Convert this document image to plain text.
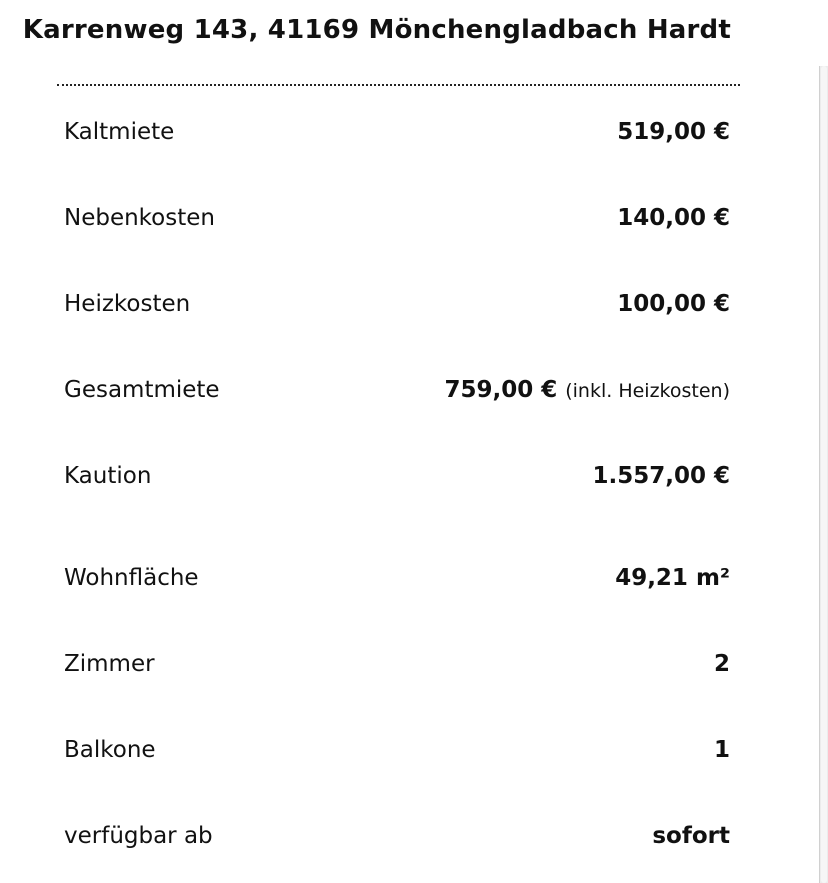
Karrenweg 143, 41169 Mönchengladbach Hardt
Kaltmiete	519,00 €
Nebenkosten	140,00 €
Heizkosten	100,00 €
Gesamtmiete	759,00 € (inkl. Heizkosten)
Kaution	1.557,00 €
Wohnfläche	49,21 m²
Zimmer	2
Balkone	1
verfügbar ab	sofort
